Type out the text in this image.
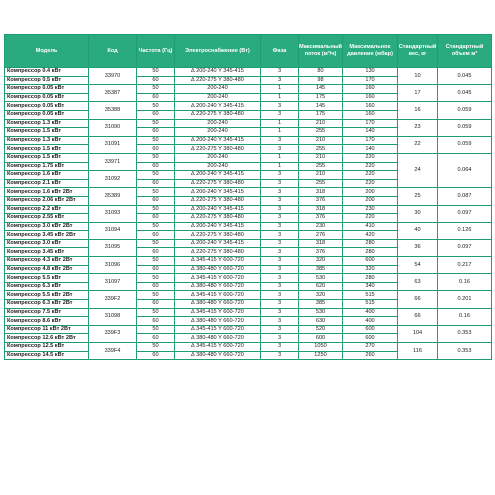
Модель	Код	Частота (Гц)	Электроснабжение (Вт)	Фаза	Максимальный поток (м³/ч)	Максимальное давление (мбар)	Стандартный вес, кг	Стандартный объем м³
Компрессор 0.4 кВт	33970	50	∆ 200-240 Y 345-415	3	80	130	10	0.045
Компрессор 0.5 кВт		60	∆ 220-275 Y 380-480	3	98	170		
Компрессор 0.05 кВт	35387	50	200-240	1	145	160	17	0.045
Компрессор 0.05 кВт		60	200-240	1	175	160		
Компрессор 0.05 кВт	35388	50	∆ 200-240 Y 345-415	3	145	160	16	0.059
Компрессор 0.05 кВт		60	∆ 220-275 Y 380-480	3	175	160		
Компрессор 1.3 кВт	31090	50	200-240	1	210	170	23	0.059
Компрессор 1.5 кВт		60	200-240	1	255	140		
Компрессор 1.3 кВт	31091	50	∆ 200-240 Y 345-415	3	210	170	22	0.059
Компрессор 1.5 кВт		60	∆ 220-275 Y 380-480	3	255	140		
Компрессор 1.5 кВт	33971	50	200-240	1	210	220	24	0.064
Компрессор 1.75 кВт		60	200-240	1	255	220		
Компрессор 1.6 кВт	31092	50	∆ 200-240 Y 345-415	3	210	220		
Компрессор 2.1 кВт		60	∆ 220-275 Y 380-480	3	255	220		
Компрессор 1.6 кВт 2Вт	35389	50	∆ 200-240 Y 345-415	3	318	200	25	0.087
Компрессор 2.06 кВт 2Вт		60	∆ 220-275 Y 380-480	3	376	200		
Компрессор 2.2 кВт	31093	50	∆ 200-240 Y 345-415	3	318	230	30	0.097
Компрессор 2.55 кВт		60	∆ 220-275 Y 380-480	3	376	220		
Компрессор 3.0 кВт 2Вт	31094	50	∆ 200-240 Y 345-415	3	230	410	40	0.126
Компрессор 3.45 кВт 2Вт		60	∆ 220-275 Y 380-480	3	276	420		
Компрессор 3.0 кВт	31095	50	∆ 200-240 Y 345-415	3	318	280	36	0.097
Компрессор 3.45 кВт		60	∆ 220-275 Y 380-480	3	376	280		
Компрессор 4.3 кВт 2Вт	31096	50	∆ 345-415 Y 600-720	3	320	600	54	0.217
Компрессор 4.8 кВт 2Вт		60	∆ 380-480 Y 660-720	3	385	320		
Компрессор 5.5 кВт	31097	50	∆ 345-415 Y 600-720	3	530	280	63	0.16
Компрессор 6.3 кВт		60	∆ 380-480 Y 660-720	3	620	340		
Компрессор 5.5 кВт 2Вт	339F2	50	∆ 345-415 Y 600-720	3	320	515	66	0.201
Компрессор 6.3 кВт 2Вт		60	∆ 380-480 Y 660-720	3	385	515		
Компрессор 7.5 кВт	31098	50	∆ 345-415 Y 600-720	3	530	400	66	0.16
Компрессор 8.6 кВт		60	∆ 380-480 Y 660-720	3	630	400		
Компрессор 11 кВт 2Вт	339F3	50	∆ 345-415 Y 600-720	3	520	600	104	0.353
Компрессор 12.6 кВт 2Вт		60	∆ 380-480 Y 660-720	3	600	600		
Компрессор 12.5 кВт	339F4	50	∆ 345-415 Y 600-720	3	1050	270	116	0.353
Компрессор 14.5 кВт		60	∆ 380-480 Y 660-720	3	1250	260		
